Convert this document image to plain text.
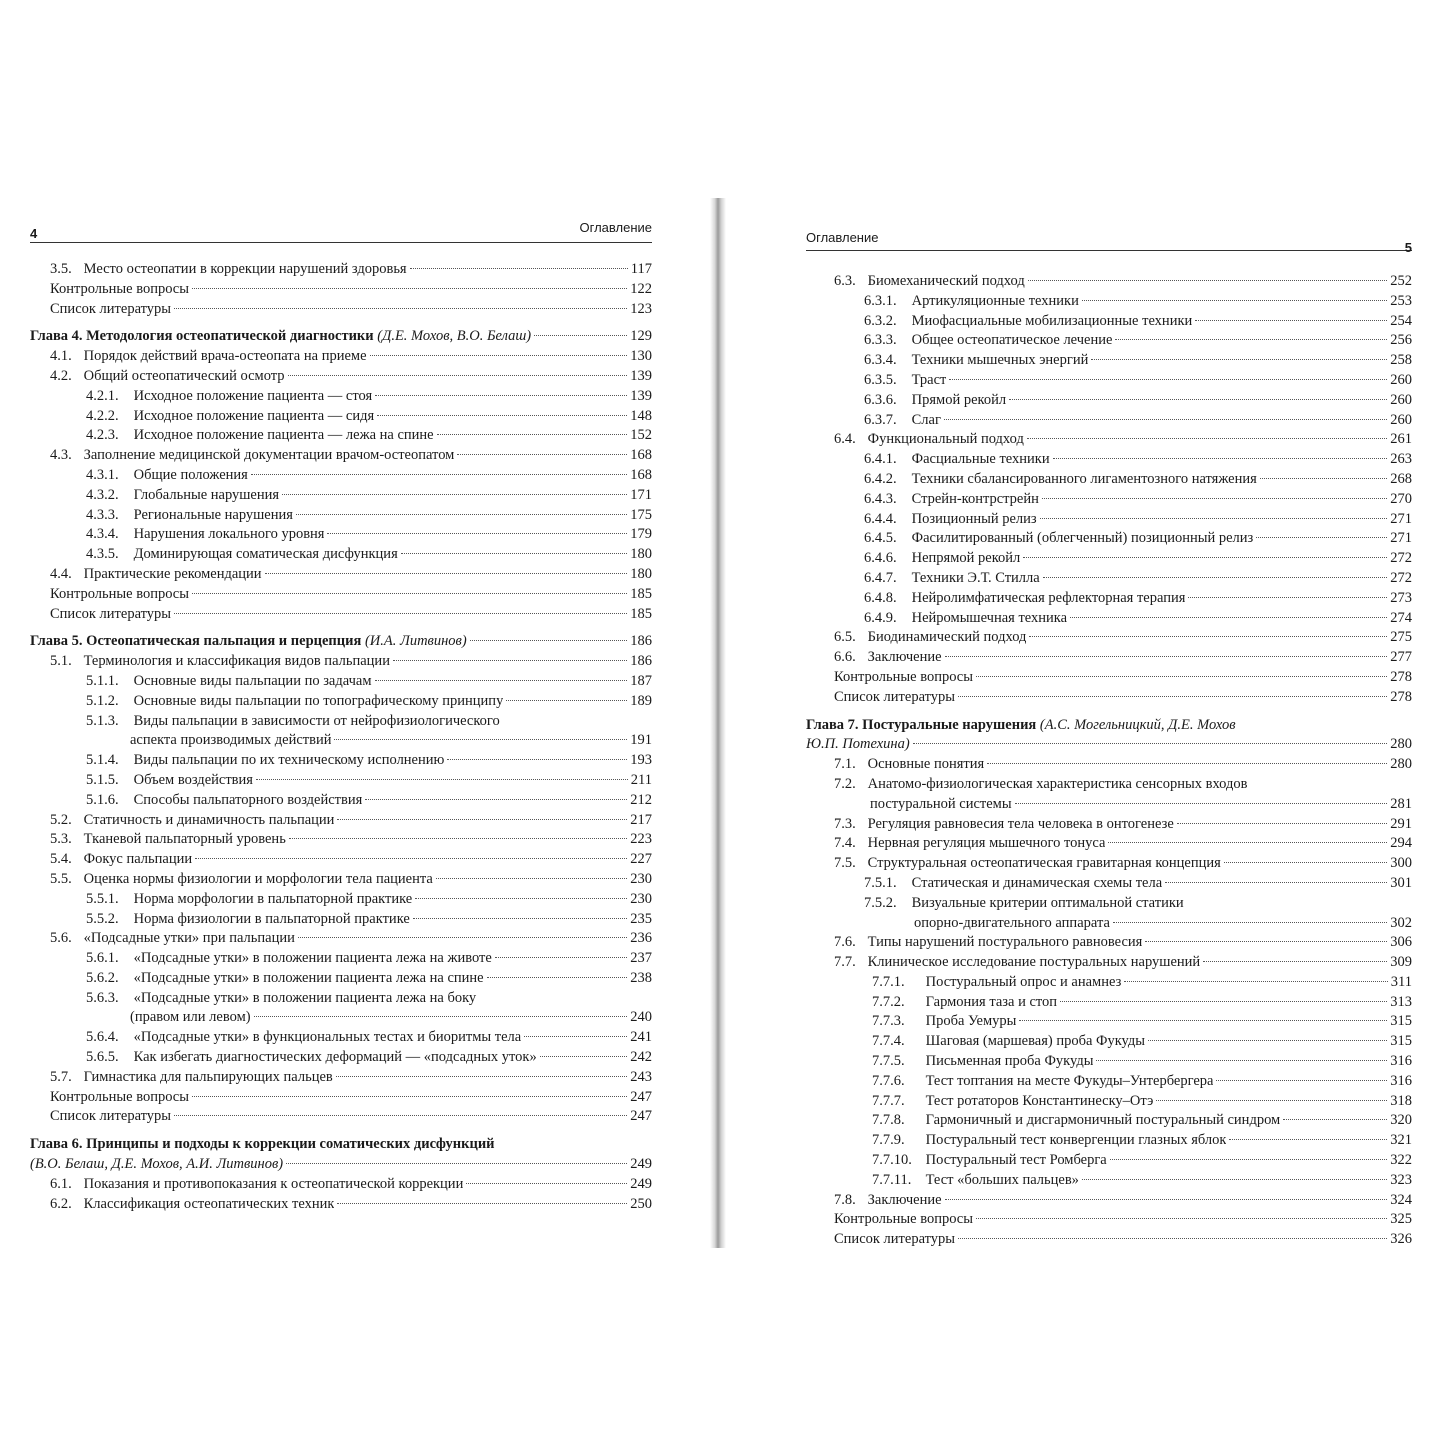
4	Оглавление
3.5. Место остеопатии в коррекции нарушений здоровья	117
Контрольные вопросы	122
Список литературы	123
Глава 4. Методология остеопатической диагностики (Д.Е. Мохов, В.О. Белаш)	129
4.1. Порядок действий врача-остеопата на приеме	130
4.2. Общий остеопатический осмотр	139
4.2.1. Исходное положение пациента — стоя	139
4.2.2. Исходное положение пациента — сидя	148
4.2.3. Исходное положение пациента — лежа на спине	152
4.3. Заполнение медицинской документации врачом-остеопатом	168
4.3.1. Общие положения	168
4.3.2. Глобальные нарушения	171
4.3.3. Региональные нарушения	175
4.3.4. Нарушения локального уровня	179
4.3.5. Доминирующая соматическая дисфункция	180
4.4. Практические рекомендации	180
Контрольные вопросы	185
Список литературы	185
Глава 5. Остеопатическая пальпация и перцепция (И.А. Литвинов)	186
5.1. Терминология и классификация видов пальпации	186
5.1.1. Основные виды пальпации по задачам	187
5.1.2. Основные виды пальпации по топографическому принципу	189
5.1.3. Виды пальпации в зависимости от нейрофизиологического
аспекта производимых действий	191
5.1.4. Виды пальпации по их техническому исполнению	193
5.1.5. Объем воздействия	211
5.1.6. Способы пальпаторного воздействия	212
5.2. Статичность и динамичность пальпации	217
5.3. Тканевой пальпаторный уровень	223
5.4. Фокус пальпации	227
5.5. Оценка нормы физиологии и морфологии тела пациента	230
5.5.1. Норма морфологии в пальпаторной практике	230
5.5.2. Норма физиологии в пальпаторной практике	235
5.6. «Подсадные утки» при пальпации	236
5.6.1. «Подсадные утки» в положении пациента лежа на животе	237
5.6.2. «Подсадные утки» в положении пациента лежа на спине	238
5.6.3. «Подсадные утки» в положении пациента лежа на боку
(правом или левом)	240
5.6.4. «Подсадные утки» в функциональных тестах и биоритмы тела	241
5.6.5. Как избегать диагностических деформаций — «подсадных уток»	242
5.7. Гимнастика для пальпирующих пальцев	243
Контрольные вопросы	247
Список литературы	247
Глава 6. Принципы и подходы к коррекции соматических дисфункций
(В.О. Белаш, Д.Е. Мохов, А.И. Литвинов)	249
6.1. Показания и противопоказания к остеопатической коррекции	249
6.2. Классификация остеопатических техник	250
Оглавление
5
6.3. Биомеханический подход	252
6.3.1. Артикуляционные техники	253
6.3.2. Миофасциальные мобилизационные техники	254
6.3.3. Общее остеопатическое лечение	256
6.3.4. Техники мышечных энергий	258
6.3.5. Траст	260
6.3.6. Прямой рекойл	260
6.3.7. Слаг	260
6.4. Функциональный подход	261
6.4.1. Фасциальные техники	263
6.4.2. Техники сбалансированного лигаментозного натяжения	268
6.4.3. Стрейн-контрстрейн	270
6.4.4. Позиционный релиз	271
6.4.5. Фасилитированный (облегченный) позиционный релиз	271
6.4.6. Непрямой рекойл	272
6.4.7. Техники Э.Т. Стилла	272
6.4.8. Нейролимфатическая рефлекторная терапия	273
6.4.9. Нейромышечная техника	274
6.5. Биодинамический подход	275
6.6. Заключение	277
Контрольные вопросы	278
Список литературы	278
Глава 7. Постуральные нарушения (А.С. Могельницкий, Д.Е. Мохов
Ю.П. Потехина)	280
7.1. Основные понятия	280
7.2. Анатомо-физиологическая характеристика сенсорных входов
постуральной системы	281
7.3. Регуляция равновесия тела человека в онтогенезе	291
7.4. Нервная регуляция мышечного тонуса	294
7.5. Структуральная остеопатическая гравитарная концепция	300
7.5.1. Статическая и динамическая схемы тела	301
7.5.2. Визуальные критерии оптимальной статики
опорно-двигательного аппарата	302
7.6. Типы нарушений постурального равновесия	306
7.7. Клиническое исследование постуральных нарушений	309
7.7.1. Постуральный опрос и анамнез	311
7.7.2. Гармония таза и стоп	313
7.7.3. Проба Уемуры	315
7.7.4. Шаговая (маршевая) проба Фукуды	315
7.7.5. Письменная проба Фукуды	316
7.7.6. Тест топтания на месте Фукуды–Унтербергера	316
7.7.7. Тест ротаторов Константинеску–Отэ	318
7.7.8. Гармоничный и дисгармоничный постуральный синдром	320
7.7.9. Постуральный тест конвергенции глазных яблок	321
7.7.10. Постуральный тест Ромберга	322
7.7.11. Тест «больших пальцев»	323
7.8. Заключение	324
Контрольные вопросы	325
Список литературы	326
